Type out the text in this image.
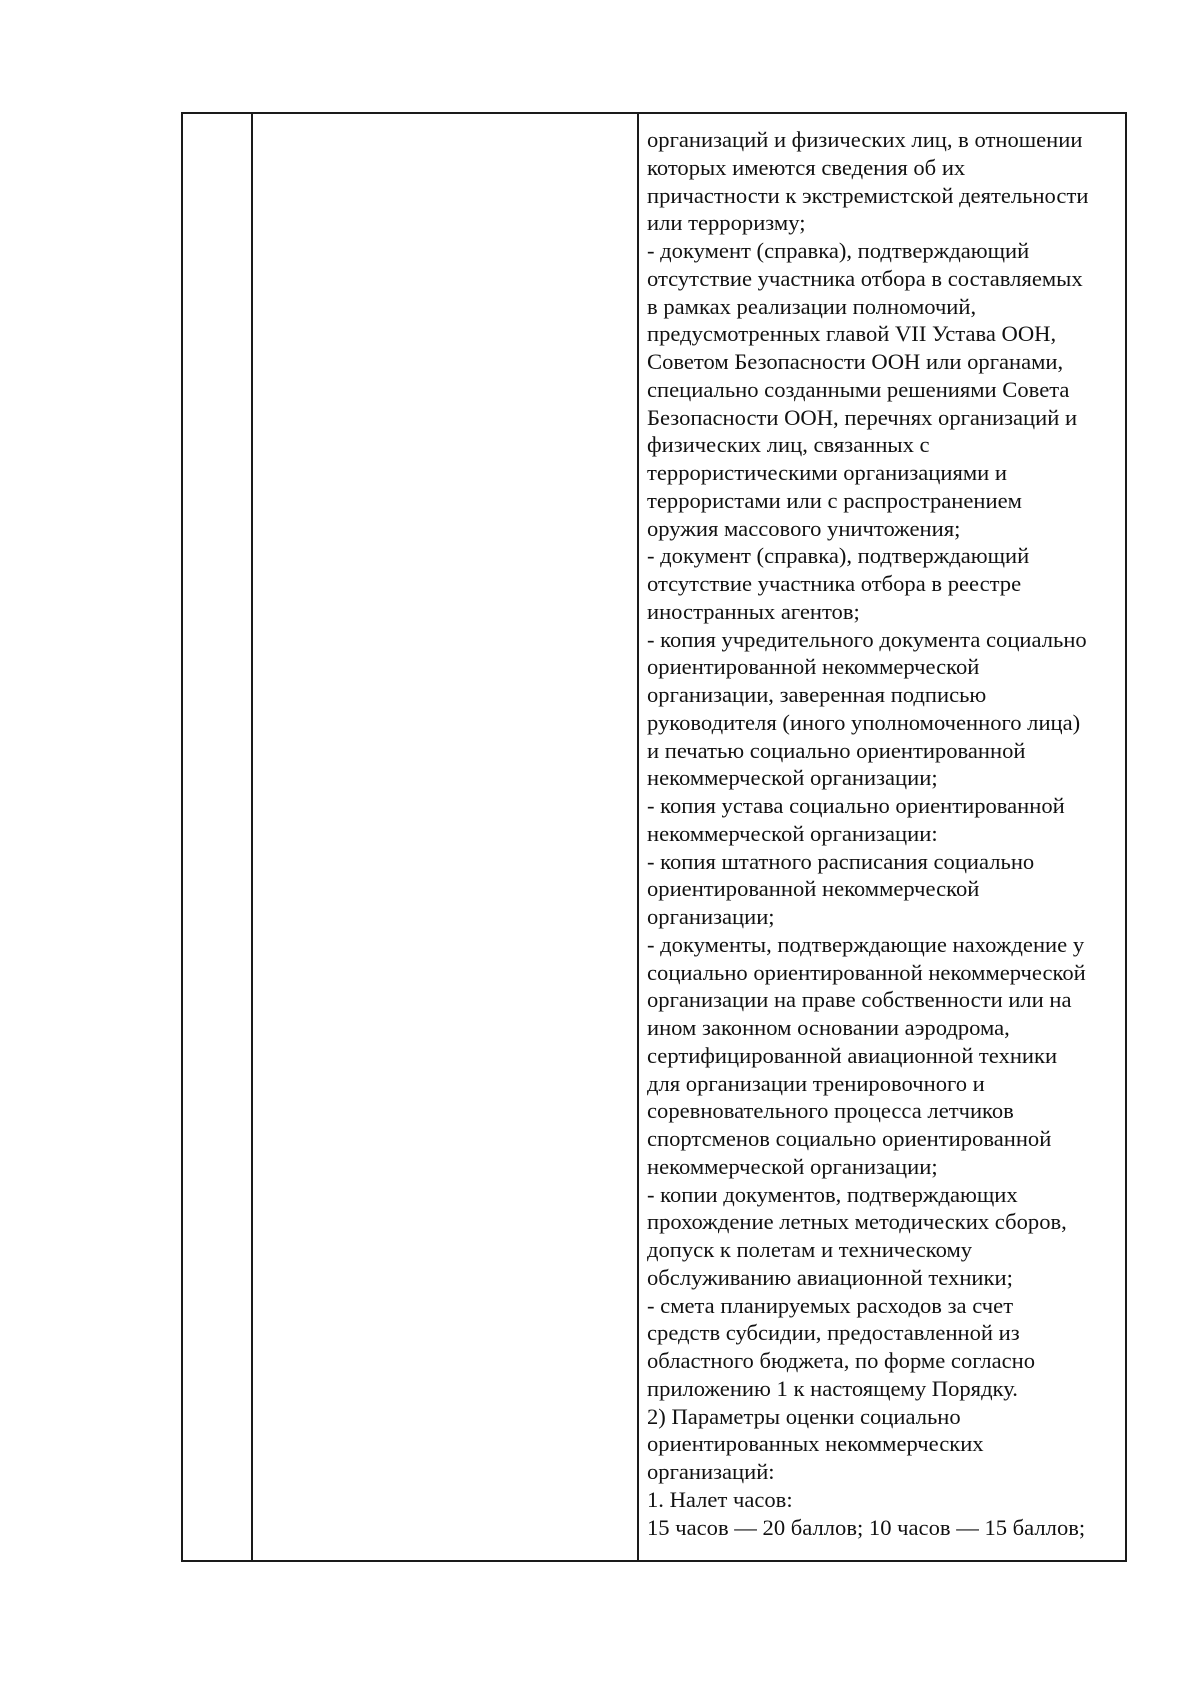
организаций и физических лиц, в отношении
которых имеются сведения об их
причастности к экстремистской деятельности
или терроризму;
- документ (справка), подтверждающий
отсутствие участника отбора в составляемых
в рамках реализации полномочий,
предусмотренных главой VII Устава ООН,
Советом Безопасности ООН или органами,
специально созданными решениями Совета
Безопасности ООН, перечнях организаций и
физических лиц, связанных с
террористическими организациями и
террористами или с распространением
оружия массового уничтожения;
- документ (справка), подтверждающий
отсутствие участника отбора в реестре
иностранных агентов;
- копия учредительного документа социально
ориентированной некоммерческой
организации, заверенная подписью
руководителя (иного уполномоченного лица)
и печатью социально ориентированной
некоммерческой организации;
- копия устава социально ориентированной
некоммерческой организации:
- копия штатного расписания социально
ориентированной некоммерческой
организации;
- документы, подтверждающие нахождение у
социально ориентированной некоммерческой
организации на праве собственности или на
ином законном основании аэродрома,
сертифицированной авиационной техники
для организации тренировочного и
соревновательного процесса летчиков
спортсменов социально ориентированной
некоммерческой организации;
- копии документов, подтверждающих
прохождение летных методических сборов,
допуск к полетам и техническому
обслуживанию авиационной техники;
- смета планируемых расходов за счет
средств субсидии, предоставленной из
областного бюджета, по форме согласно
приложению 1 к настоящему Порядку.
2) Параметры оценки социально
ориентированных некоммерческих
организаций:
1. Налет часов:
15 часов — 20 баллов; 10 часов — 15 баллов;
